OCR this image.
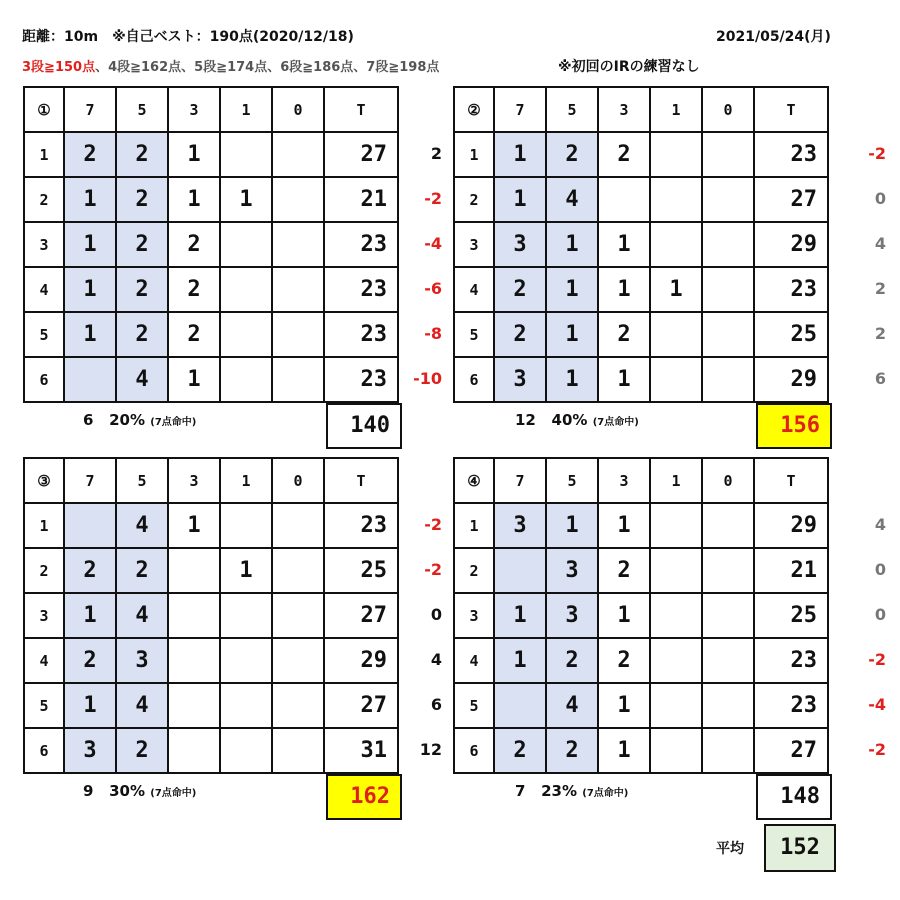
距離：10m　※自己ベスト：190点(2020/12/18)	2021/05/24(月)
3段≧150点、4段≧162点、5段≧174点、6段≧186点、7段≧198点	※初回のIRの練習なし
2
-2
-4
-6
-8
-10
①	7	5	3	1	0	T
1	2	2	1			27
2	1	2	1	1		21
3	1	2	2			23
4	1	2	2			23
5	1	2	2			23
6		4	1			23
6 20% (7点命中)	140
-2
0
4
2
2
6
②	7	5	3	1	0	T
1	1	2	2			23
2	1	4				27
3	3	1	1			29
4	2	1	1	1		23
5	2	1	2			25
6	3	1	1			29
12 40% (7点命中)	156
-2
-2
0
4
6
12
③	7	5	3	1	0	T
1		4	1			23
2	2	2		1		25
3	1	4				27
4	2	3				29
5	1	4				27
6	3	2				31
9 30% (7点命中)	162
4
0
0
-2
-4
-2
④	7	5	3	1	0	T
1	3	1	1			29
2		3	2			21
3	1	3	1			25
4	1	2	2			23
5		4	1			23
6	2	2	1			27
7 23% (7点命中)	148
平均	152
